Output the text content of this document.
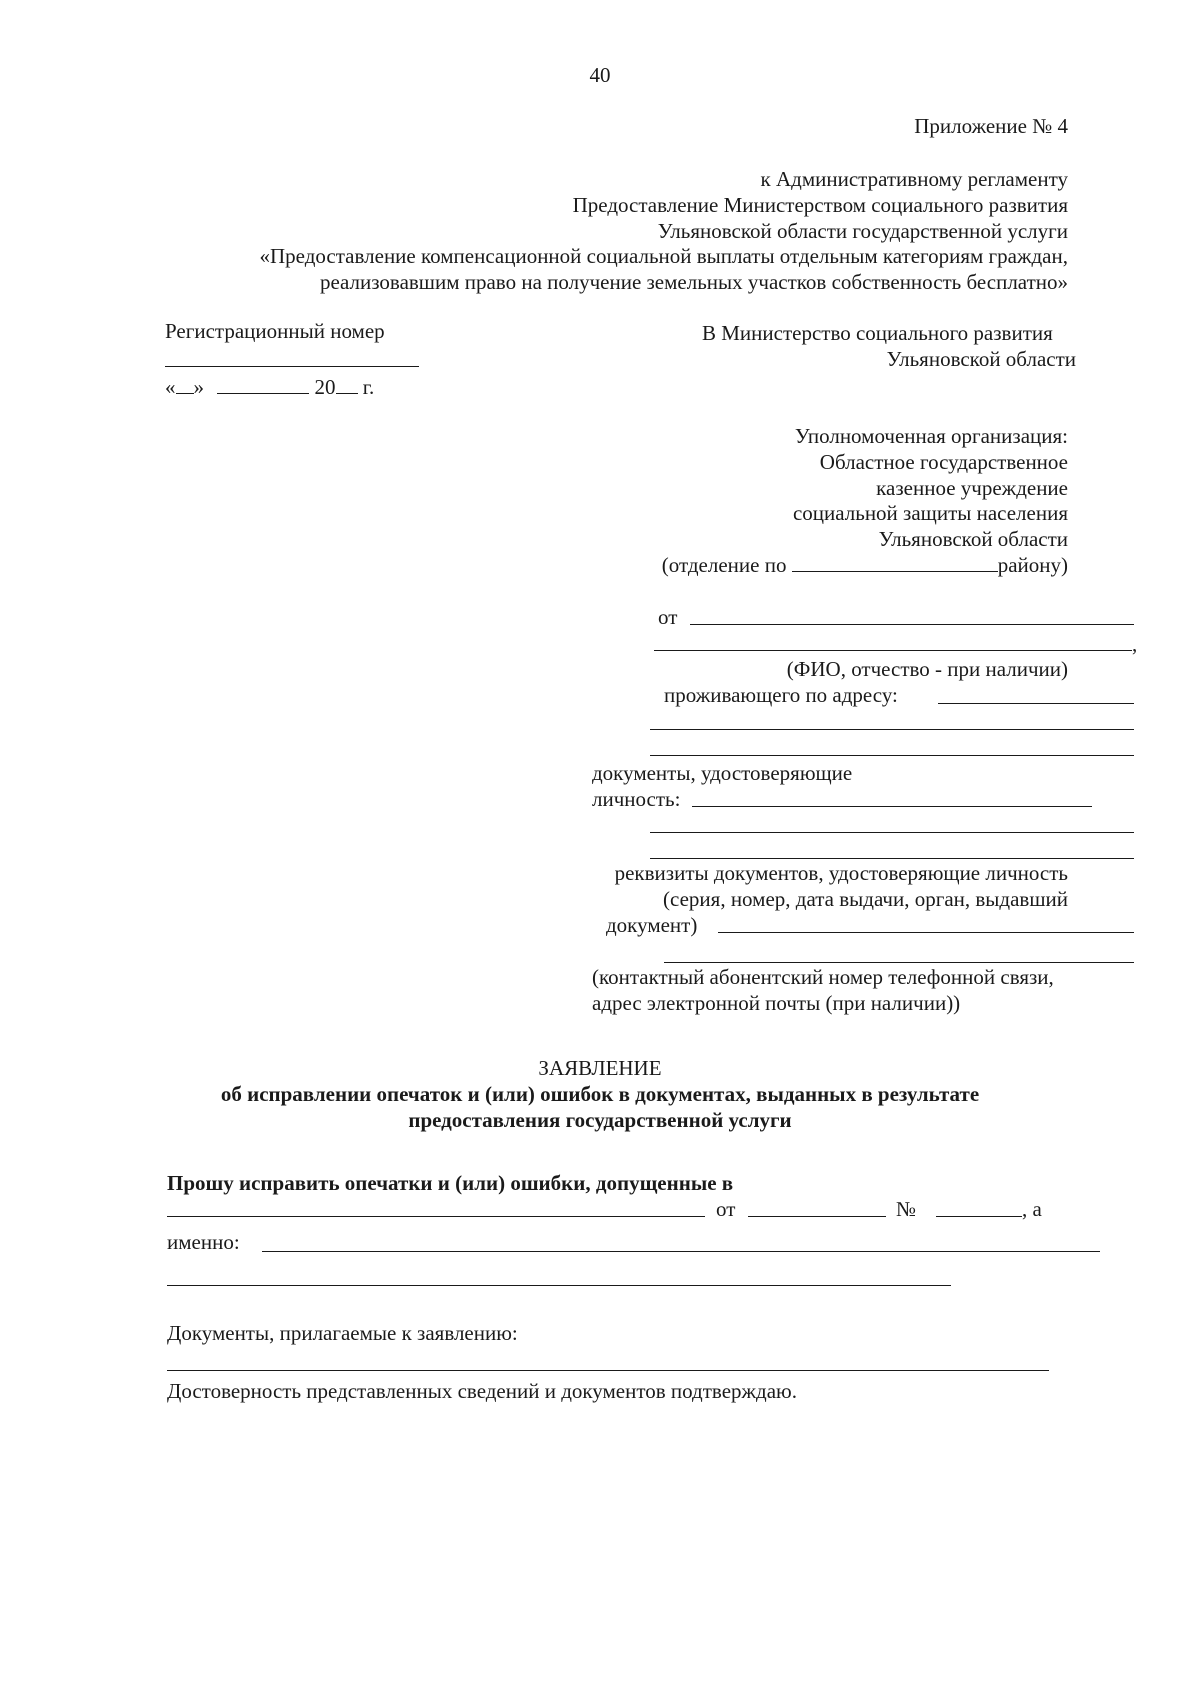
40
Приложение № 4
к Административному регламенту
Предоставление Министерством социального развития
Ульяновской области государственной услуги
«Предоставление компенсационной социальной выплаты отдельным категориям граждан,
реализовавшим право на получение земельных участков собственность бесплатно»
Регистрационный номер
« »	20 г.
В Министерство социального развития
Ульяновской области
Уполномоченная организация:
Областное государственное
казенное учреждение
социальной защиты населения
Ульяновской области
(отделение по	району)
от
,
(ФИО, отчество - при наличии)
проживающего по адресу:
документы, удостоверяющие
личность:
реквизиты документов, удостоверяющие личность
(серия, номер, дата выдачи, орган, выдавший
документ)
(контактный абонентский номер телефонной связи,
адрес электронной почты (при наличии))
ЗАЯВЛЕНИЕ
об исправлении опечаток и (или) ошибок в документах, выданных в результате
предоставления государственной услуги
Прошу исправить опечатки и (или) ошибки, допущенные в
от	№	, а
именно:
Документы, прилагаемые к заявлению:
Достоверность представленных сведений и документов подтверждаю.
